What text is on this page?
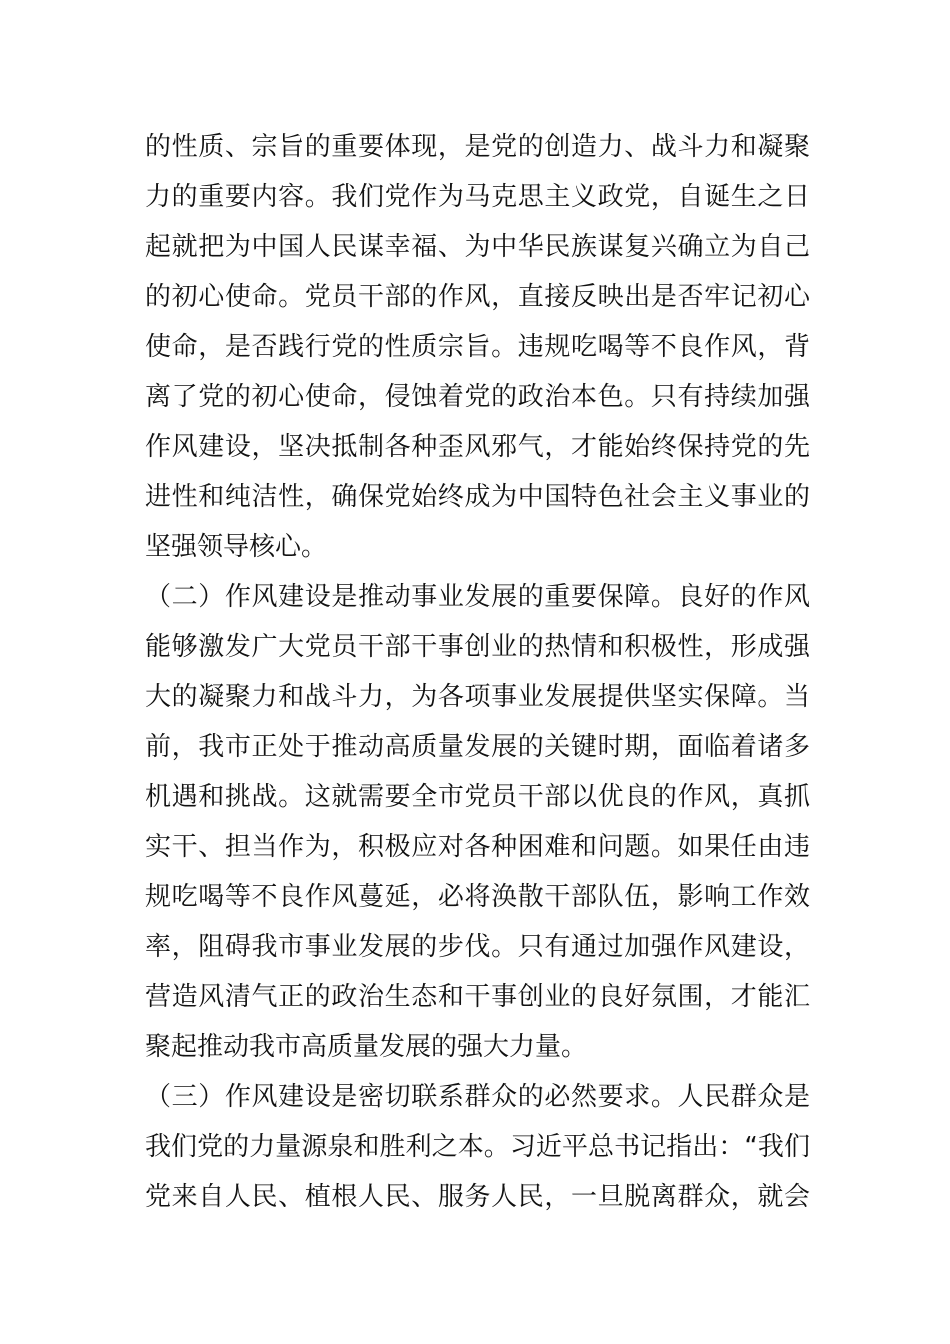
的性质、宗旨的重要体现，是党的创造力、战斗力和凝聚
力的重要内容。我们党作为马克思主义政党，自诞生之日
起就把为中国人民谋幸福、为中华民族谋复兴确立为自己
的初心使命。党员干部的作风，直接反映出是否牢记初心
使命，是否践行党的性质宗旨。违规吃喝等不良作风，背
离了党的初心使命，侵蚀着党的政治本色。只有持续加强
作风建设，坚决抵制各种歪风邪气，才能始终保持党的先
进性和纯洁性，确保党始终成为中国特色社会主义事业的
坚强领导核心。
（二）作风建设是推动事业发展的重要保障。良好的作风
能够激发广大党员干部干事创业的热情和积极性，形成强
大的凝聚力和战斗力，为各项事业发展提供坚实保障。当
前，我市正处于推动高质量发展的关键时期，面临着诸多
机遇和挑战。这就需要全市党员干部以优良的作风，真抓
实干、担当作为，积极应对各种困难和问题。如果任由违
规吃喝等不良作风蔓延，必将涣散干部队伍，影响工作效
率，阻碍我市事业发展的步伐。只有通过加强作风建设，
营造风清气正的政治生态和干事创业的良好氛围，才能汇
聚起推动我市高质量发展的强大力量。
（三）作风建设是密切联系群众的必然要求。人民群众是
我们党的力量源泉和胜利之本。习近平总书记指出：“我们
党来自人民、植根人民、服务人民，一旦脱离群众，就会
